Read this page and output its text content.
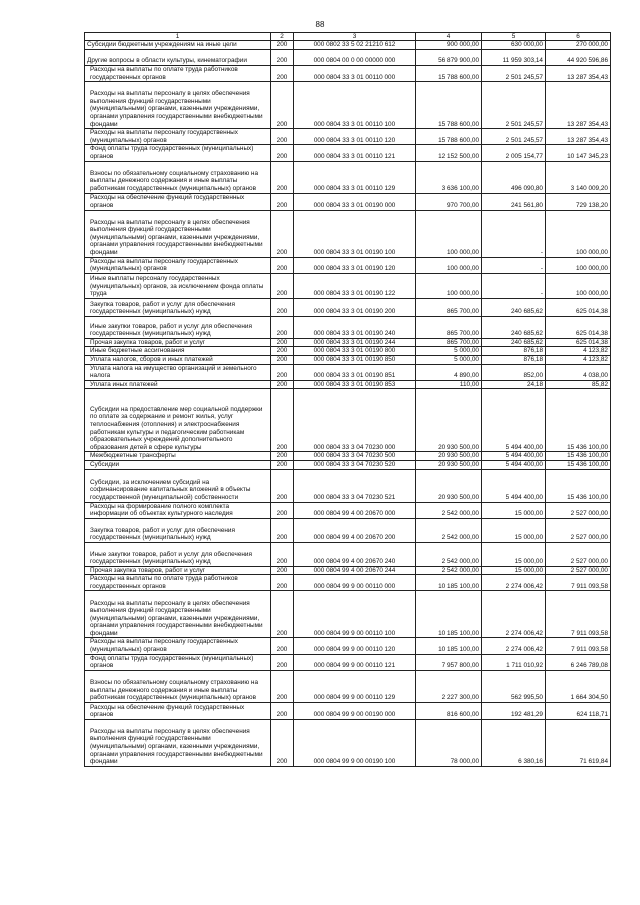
88
1	2	3	4	5	6
Субсидии бюджетным учреждениям на иные цели	200	000 0802 33 5 02 21210 612	900 000,00	630 000,00	270 000,00
Другие вопросы в области культуры, кинематографии	200	000 0804 00 0 00 00000 000	56 879 900,00	11 959 303,14	44 920 596,86
Расходы на выплаты по оплате труда работников государственных органов	200	000 0804 33 3 01 00110 000	15 788 600,00	2 501 245,57	13 287 354,43
Расходы на выплаты персоналу в целях обеспечения выполнения функций государственными (муниципальными) органами, казенными учреждениями, органами управления государственными внебюджетными фондами	200	000 0804 33 3 01 00110 100	15 788 600,00	2 501 245,57	13 287 354,43
Расходы на выплаты персоналу государственных (муниципальных) органов	200	000 0804 33 3 01 00110 120	15 788 600,00	2 501 245,57	13 287 354,43
Фонд оплаты труда государственных (муниципальных) органов	200	000 0804 33 3 01 00110 121	12 152 500,00	2 005 154,77	10 147 345,23
Взносы по обязательному социальному страхованию на выплаты денежного содержания и иные выплаты работникам государственных (муниципальных) органов	200	000 0804 33 3 01 00110 129	3 636 100,00	496 090,80	3 140 009,20
Расходы на обеспечение функций государственных органов	200	000 0804 33 3 01 00190 000	970 700,00	241 561,80	729 138,20
Расходы на выплаты персоналу в целях обеспечения выполнения функций государственными (муниципальными) органами, казенными учреждениями, органами управления государственными внебюджетными фондами	200	000 0804 33 3 01 00190 100	100 000,00	-	100 000,00
Расходы на выплаты персоналу государственных (муниципальных) органов	200	000 0804 33 3 01 00190 120	100 000,00	-	100 000,00
Иные выплаты персоналу государственных (муниципальных) органов, за исключением фонда оплаты труда	200	000 0804 33 3 01 00190 122	100 000,00	-	100 000,00
Закупка товаров, работ и услуг для обеспечения государственных (муниципальных) нужд	200	000 0804 33 3 01 00190 200	865 700,00	240 685,62	625 014,38
Иные закупки товаров, работ и услуг для обеспечения государственных (муниципальных) нужд	200	000 0804 33 3 01 00190 240	865 700,00	240 685,62	625 014,38
Прочая закупка товаров, работ и услуг	200	000 0804 33 3 01 00190 244	865 700,00	240 685,62	625 014,38
Иные бюджетные ассигнования	200	000 0804 33 3 01 00190 800	5 000,00	876,18	4 123,82
Уплата налогов, сборов и иных платежей	200	000 0804 33 3 01 00190 850	5 000,00	876,18	4 123,82
Уплата налога на имущество организаций и земельного налога	200	000 0804 33 3 01 00190 851	4 890,00	852,00	4 038,00
Уплата иных платежей	200	000 0804 33 3 01 00190 853	110,00	24,18	85,82
Субсидии на предоставление мер социальной поддержки по оплате за содержание и ремонт жилья, услуг теплоснабжения (отопления) и электроснабжения работникам культуры и педагогическим работникам образовательных учреждений дополнительного образования детей в сфере культуры	200	000 0804 33 3 04 70230 000	20 930 500,00	5 494 400,00	15 436 100,00
Межбюджетные трансферты	200	000 0804 33 3 04 70230 500	20 930 500,00	5 494 400,00	15 436 100,00
Субсидии	200	000 0804 33 3 04 70230 520	20 930 500,00	5 494 400,00	15 436 100,00
Субсидии, за исключением субсидий на софинансирование капитальных вложений в объекты государственной (муниципальной) собственности	200	000 0804 33 3 04 70230 521	20 930 500,00	5 494 400,00	15 436 100,00
Расходы на формирование полного комплекта информации об объектах культурного наследия	200	000 0804 99 4 00 20670 000	2 542 000,00	15 000,00	2 527 000,00
Закупка товаров, работ и услуг для обеспечения государственных (муниципальных) нужд	200	000 0804 99 4 00 20670 200	2 542 000,00	15 000,00	2 527 000,00
Иные закупки товаров, работ и услуг для обеспечения государственных (муниципальных) нужд	200	000 0804 99 4 00 20670 240	2 542 000,00	15 000,00	2 527 000,00
Прочая закупка товаров, работ и услуг	200	000 0804 99 4 00 20670 244	2 542 000,00	15 000,00	2 527 000,00
Расходы на выплаты по оплате труда работников государственных органов	200	000 0804 99 9 00 00110 000	10 185 100,00	2 274 006,42	7 911 093,58
Расходы на выплаты персоналу в целях обеспечения выполнения функций государственными (муниципальными) органами, казенными учреждениями, органами управления государственными внебюджетными фондами	200	000 0804 99 9 00 00110 100	10 185 100,00	2 274 006,42	7 911 093,58
Расходы на выплаты персоналу государственных (муниципальных) органов	200	000 0804 99 9 00 00110 120	10 185 100,00	2 274 006,42	7 911 093,58
Фонд оплаты труда государственных (муниципальных) органов	200	000 0804 99 9 00 00110 121	7 957 800,00	1 711 010,92	6 246 789,08
Взносы по обязательному социальному страхованию на выплаты денежного содержания и иные выплаты работникам государственных (муниципальных) органов	200	000 0804 99 9 00 00110 129	2 227 300,00	562 995,50	1 664 304,50
Расходы на обеспечение функций государственных органов	200	000 0804 99 9 00 00190 000	816 600,00	192 481,29	624 118,71
Расходы на выплаты персоналу в целях обеспечения выполнения функций государственными (муниципальными) органами, казенными учреждениями, органами управления государственными внебюджетными фондами	200	000 0804 99 9 00 00190 100	78 000,00	6 380,16	71 619,84
